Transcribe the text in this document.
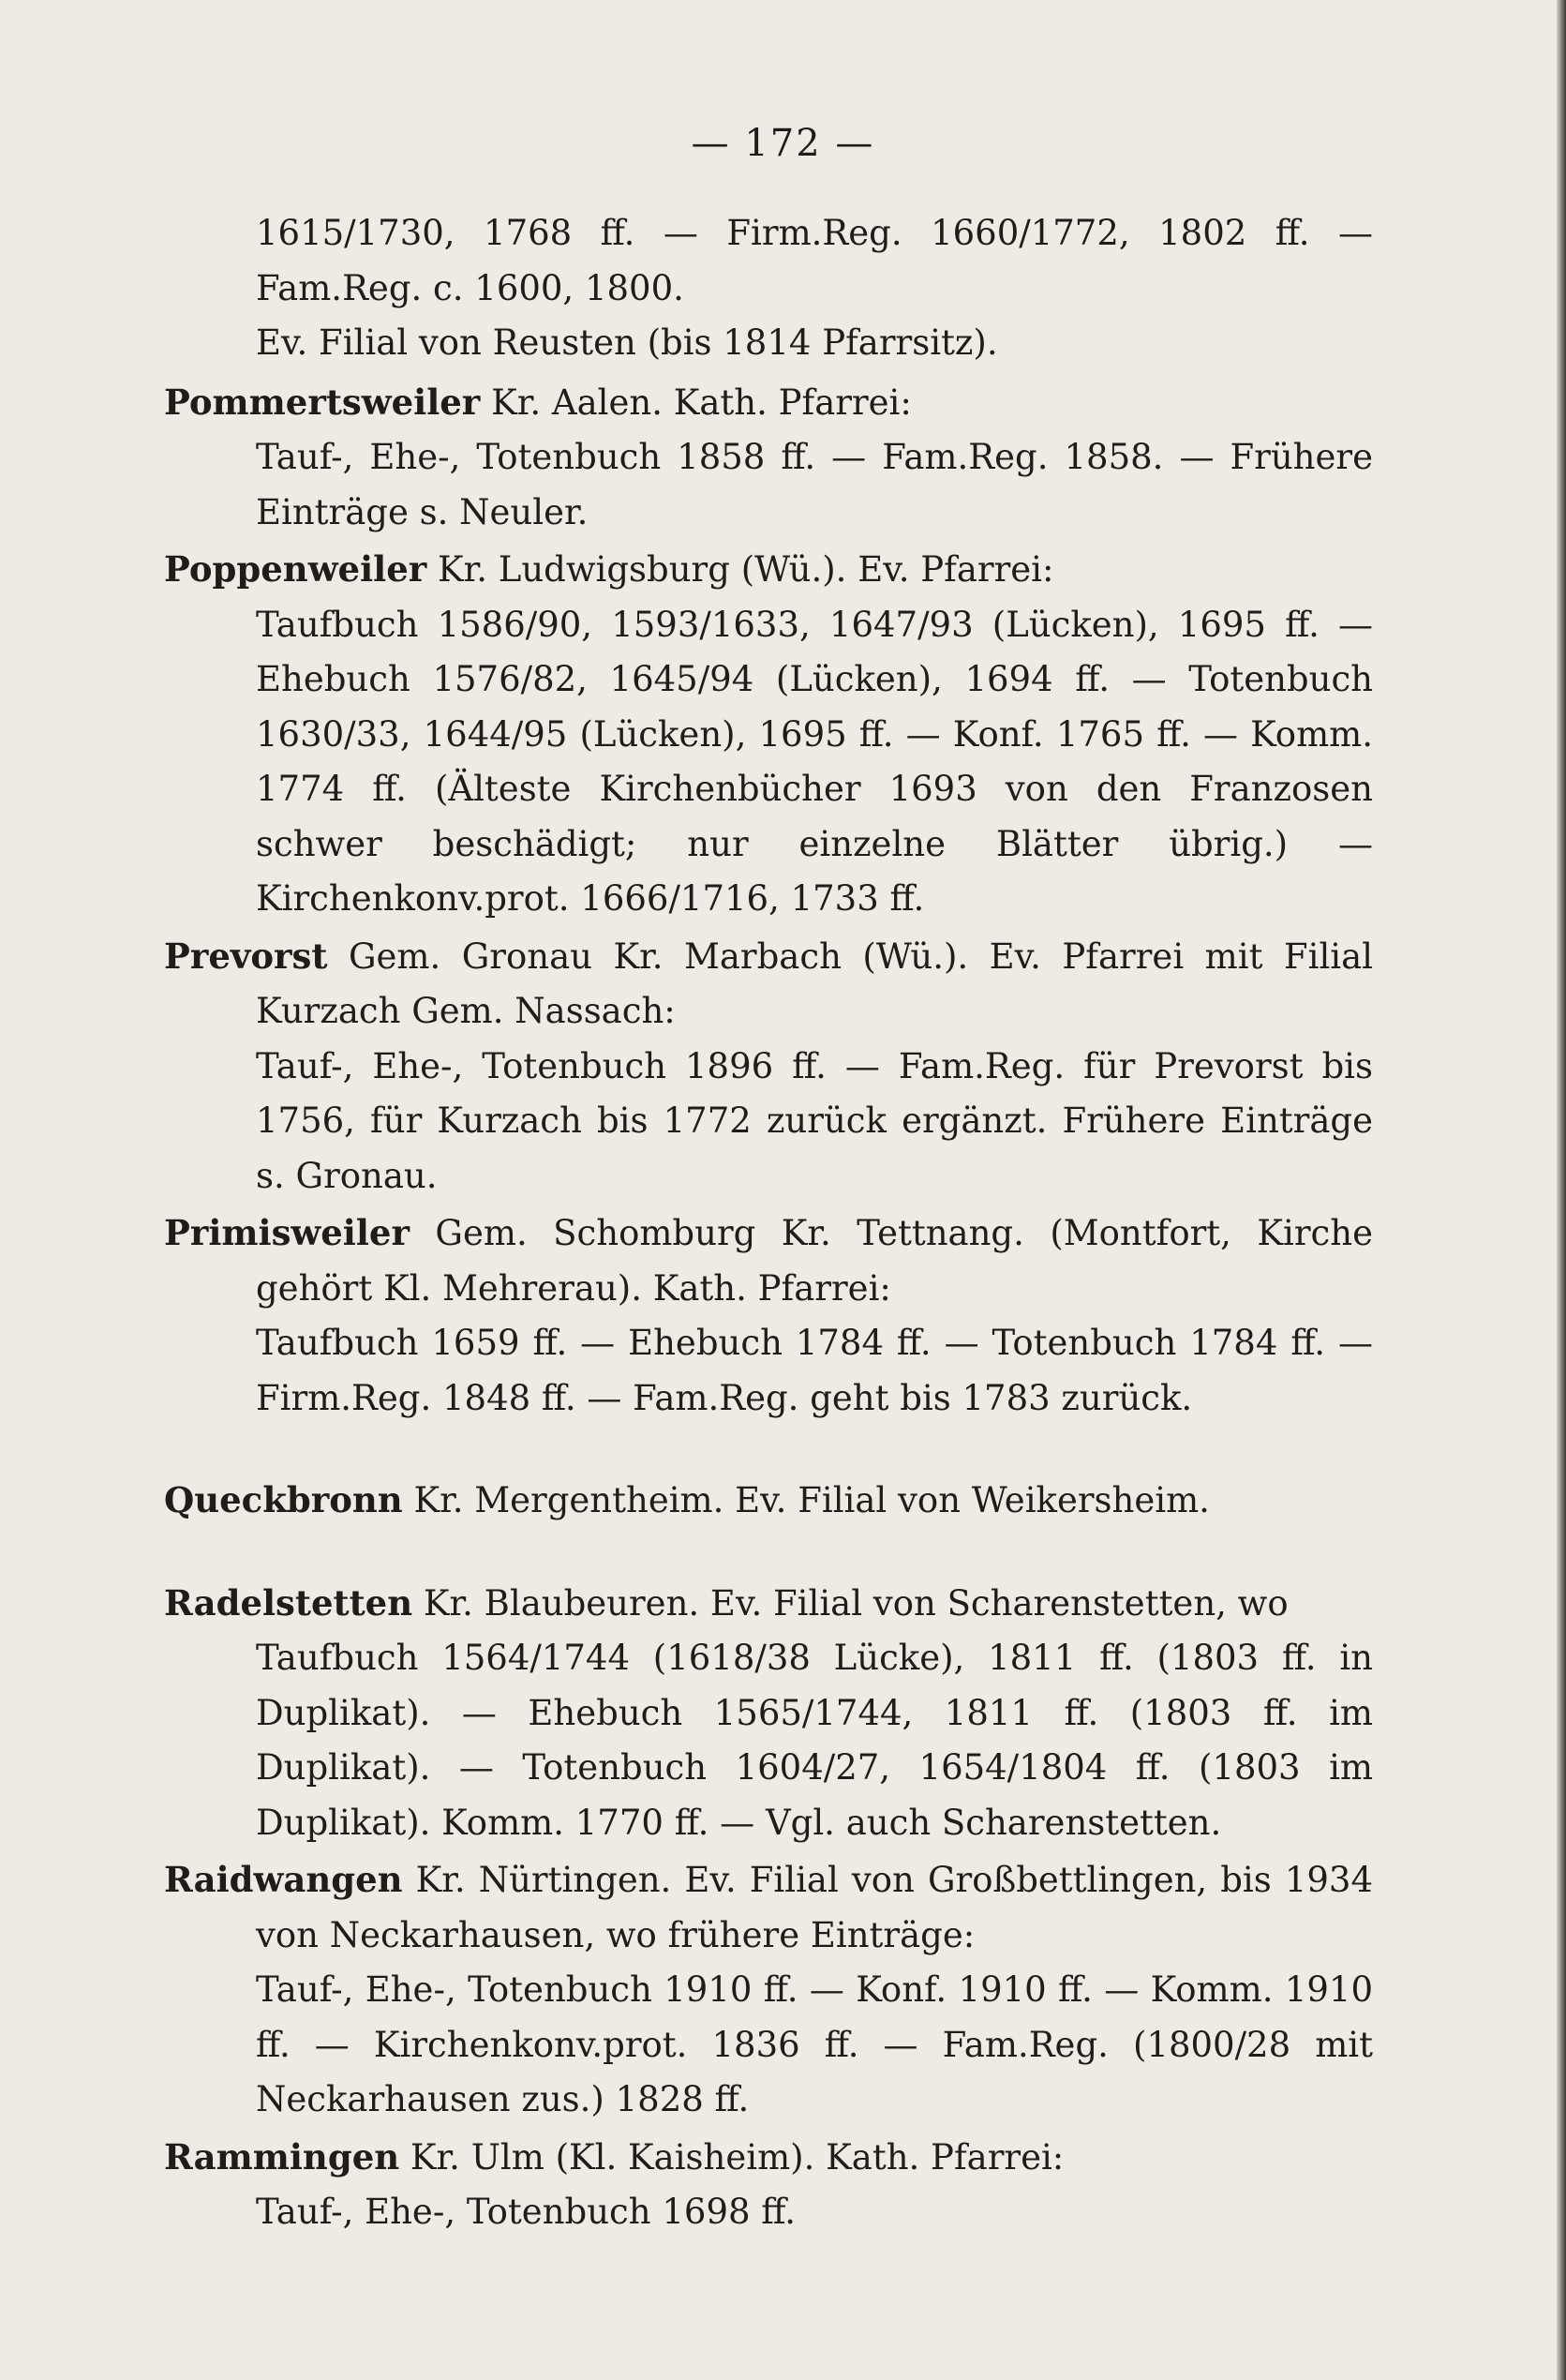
— 172 —

1615/1730, 1768 ff. — Firm.Reg. 1660/1772, 1802 ff. — Fam.Reg. c. 1600, 1800.

Ev. Filial von Reusten (bis 1814 Pfarrsitz).

Pommertsweiler Kr. Aalen. Kath. Pfarrei:
Tauf-, Ehe-, Totenbuch 1858 ff. — Fam.Reg. 1858. — Frühere Einträge s. Neuler.
Poppenweiler Kr. Ludwigsburg (Wü.). Ev. Pfarrei:
Taufbuch 1586/90, 1593/1633, 1647/93 (Lücken), 1695 ff. — Ehebuch 1576/82, 1645/94 (Lücken), 1694 ff. — Totenbuch 1630/33, 1644/95 (Lücken), 1695 ff. — Konf. 1765 ff. — Komm. 1774 ff. (Älteste Kirchenbücher 1693 von den Franzosen schwer beschädigt; nur einzelne Blätter übrig.) — Kirchenkonv.prot. 1666/1716, 1733 ff.
Prevorst Gem. Gronau Kr. Marbach (Wü.). Ev. Pfarrei mit Filial Kurzach Gem. Nassach:
Tauf-, Ehe-, Totenbuch 1896 ff. — Fam.Reg. für Prevorst bis 1756, für Kurzach bis 1772 zurück ergänzt. Frühere Einträge s. Gronau.
Primisweiler Gem. Schomburg Kr. Tettnang. (Montfort, Kirche gehört Kl. Mehrerau). Kath. Pfarrei:
Taufbuch 1659 ff. — Ehebuch 1784 ff. — Totenbuch 1784 ff. — Firm.Reg. 1848 ff. — Fam.Reg. geht bis 1783 zurück.
Queckbronn Kr. Mergentheim. Ev. Filial von Weikersheim.
Radelstetten Kr. Blaubeuren. Ev. Filial von Scharenstetten, wo
Taufbuch 1564/1744 (1618/38 Lücke), 1811 ff. (1803 ff. in Duplikat). — Ehebuch 1565/1744, 1811 ff. (1803 ff. im Duplikat). — Totenbuch 1604/27, 1654/1804 ff. (1803 im Duplikat). Komm. 1770 ff. — Vgl. auch Scharenstetten.
Raidwangen Kr. Nürtingen. Ev. Filial von Großbettlingen, bis 1934 von Neckarhausen, wo frühere Einträge:
Tauf-, Ehe-, Totenbuch 1910 ff. — Konf. 1910 ff. — Komm. 1910 ff. — Kirchenkonv.prot. 1836 ff. — Fam.Reg. (1800/28 mit Neckarhausen zus.) 1828 ff.
Rammingen Kr. Ulm (Kl. Kaisheim). Kath. Pfarrei:
Tauf-, Ehe-, Totenbuch 1698 ff.
